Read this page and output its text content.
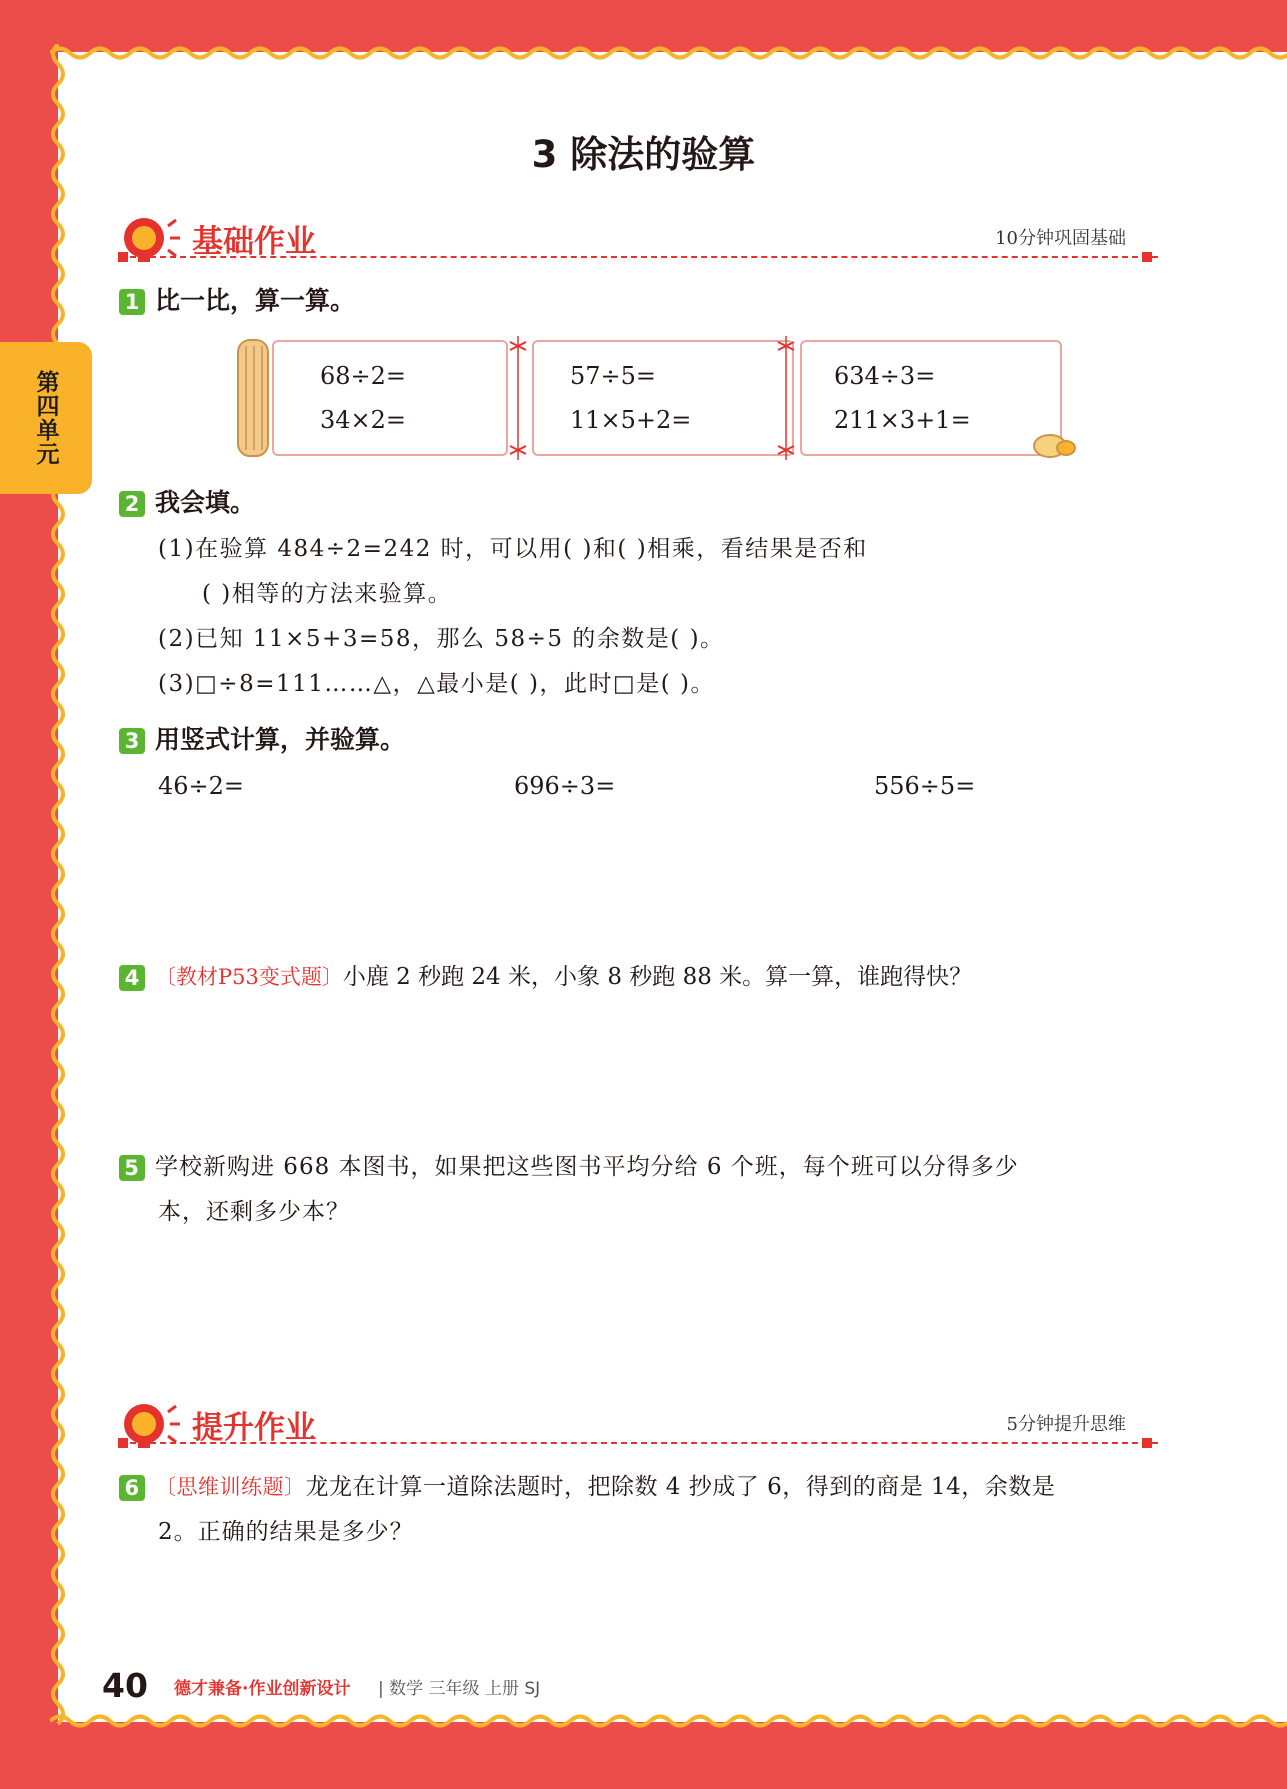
第四单元
3 除法的验算
基础作业	10分钟巩固基础
1 比一比，算一算。
68÷2=
34×2=
57÷5=
11×5+2=
634÷3=
211×3+1=
2 我会填。
(1)在验算 484÷2=242 时，可以用( )和( )相乘，看结果是否和
( )相等的方法来验算。
(2)已知 11×5+3=58，那么 58÷5 的余数是( )。
(3)□÷8=111……△，△最小是( )，此时□是( )。
3 用竖式计算，并验算。
46÷2=	696÷3=	556÷5=
4 〔教材P53变式题〕小鹿 2 秒跑 24 米，小象 8 秒跑 88 米。算一算，谁跑得快？
5 学校新购进 668 本图书，如果把这些图书平均分给 6 个班，每个班可以分得多少
本，还剩多少本？
提升作业	5分钟提升思维
6 〔思维训练题〕龙龙在计算一道除法题时，把除数 4 抄成了 6，得到的商是 14，余数是
2。正确的结果是多少？
40 德才兼备·作业创新设计 | 数学 三年级 上册 SJ
